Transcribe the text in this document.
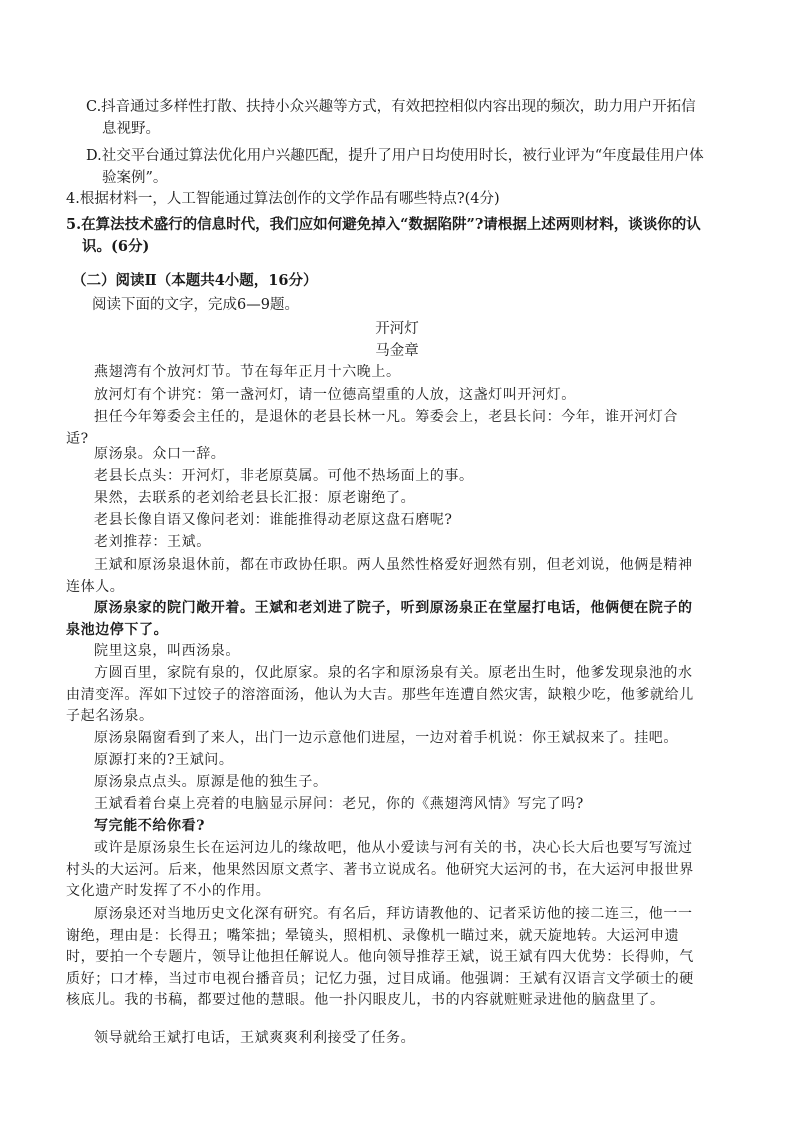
C.抖音通过多样性打散、扶持小众兴趣等方式，有效把控相似内容出现的频次，助力用户开拓信息视野。

D.社交平台通过算法优化用户兴趣匹配，提升了用户日均使用时长，被行业评为“年度最佳用户体验案例”。

4.根据材料一，人工智能通过算法创作的文学作品有哪些特点?(4分)

5.在算法技术盛行的信息时代，我们应如何避免掉入“数据陷阱”?请根据上述两则材料，谈谈你的认识。(6分)

（二）阅读Ⅱ（本题共4小题，16分）

阅读下面的文字，完成6—9题。

开河灯

马金章

燕翅湾有个放河灯节。节在每年正月十六晚上。

放河灯有个讲究：第一盏河灯，请一位德高望重的人放，这盏灯叫开河灯。

担任今年筹委会主任的，是退休的老县长林一凡。筹委会上，老县长问：今年，谁开河灯合适?

原汤泉。众口一辞。

老县长点头：开河灯，非老原莫属。可他不热场面上的事。

果然，去联系的老刘给老县长汇报：原老谢绝了。

老县长像自语又像问老刘：谁能推得动老原这盘石磨呢?

老刘推荐：王斌。

王斌和原汤泉退休前，都在市政协任职。两人虽然性格爱好迥然有别，但老刘说，他俩是精神连体人。

原汤泉家的院门敞开着。王斌和老刘进了院子，听到原汤泉正在堂屋打电话，他俩便在院子的泉池边停下了。

院里这泉，叫西汤泉。

方圆百里，家院有泉的，仅此原家。泉的名字和原汤泉有关。原老出生时，他爹发现泉池的水由清变浑。浑如下过饺子的溶溶面汤，他认为大吉。那些年连遭自然灾害，缺粮少吃，他爹就给儿子起名汤泉。

原汤泉隔窗看到了来人，出门一边示意他们进屋，一边对着手机说：你王斌叔来了。挂吧。

原源打来的?王斌问。

原汤泉点点头。原源是他的独生子。

王斌看着台桌上亮着的电脑显示屏问：老兄，你的《燕翅湾风情》写完了吗?

写完能不给你看?

或许是原汤泉生长在运河边儿的缘故吧，他从小爱读与河有关的书，决心长大后也要写写流过村头的大运河。后来，他果然因原文煮字、著书立说成名。他研究大运河的书，在大运河申报世界文化遗产时发挥了不小的作用。

原汤泉还对当地历史文化深有研究。有名后，拜访请教他的、记者采访他的接二连三，他一一谢绝，理由是：长得丑；嘴笨拙；晕镜头，照相机、录像机一瞄过来，就天旋地转。大运河申遗时，要拍一个专题片，领导让他担任解说人。他向领导推荐王斌，说王斌有四大优势：长得帅，气质好；口才棒，当过市电视台播音员；记忆力强，过目成诵。他强调：王斌有汉语言文学硕士的硬核底儿。我的书稿，都要过他的慧眼。他一扑闪眼皮儿，书的内容就赃赃录进他的脑盘里了。

领导就给王斌打电话，王斌爽爽利利接受了任务。
